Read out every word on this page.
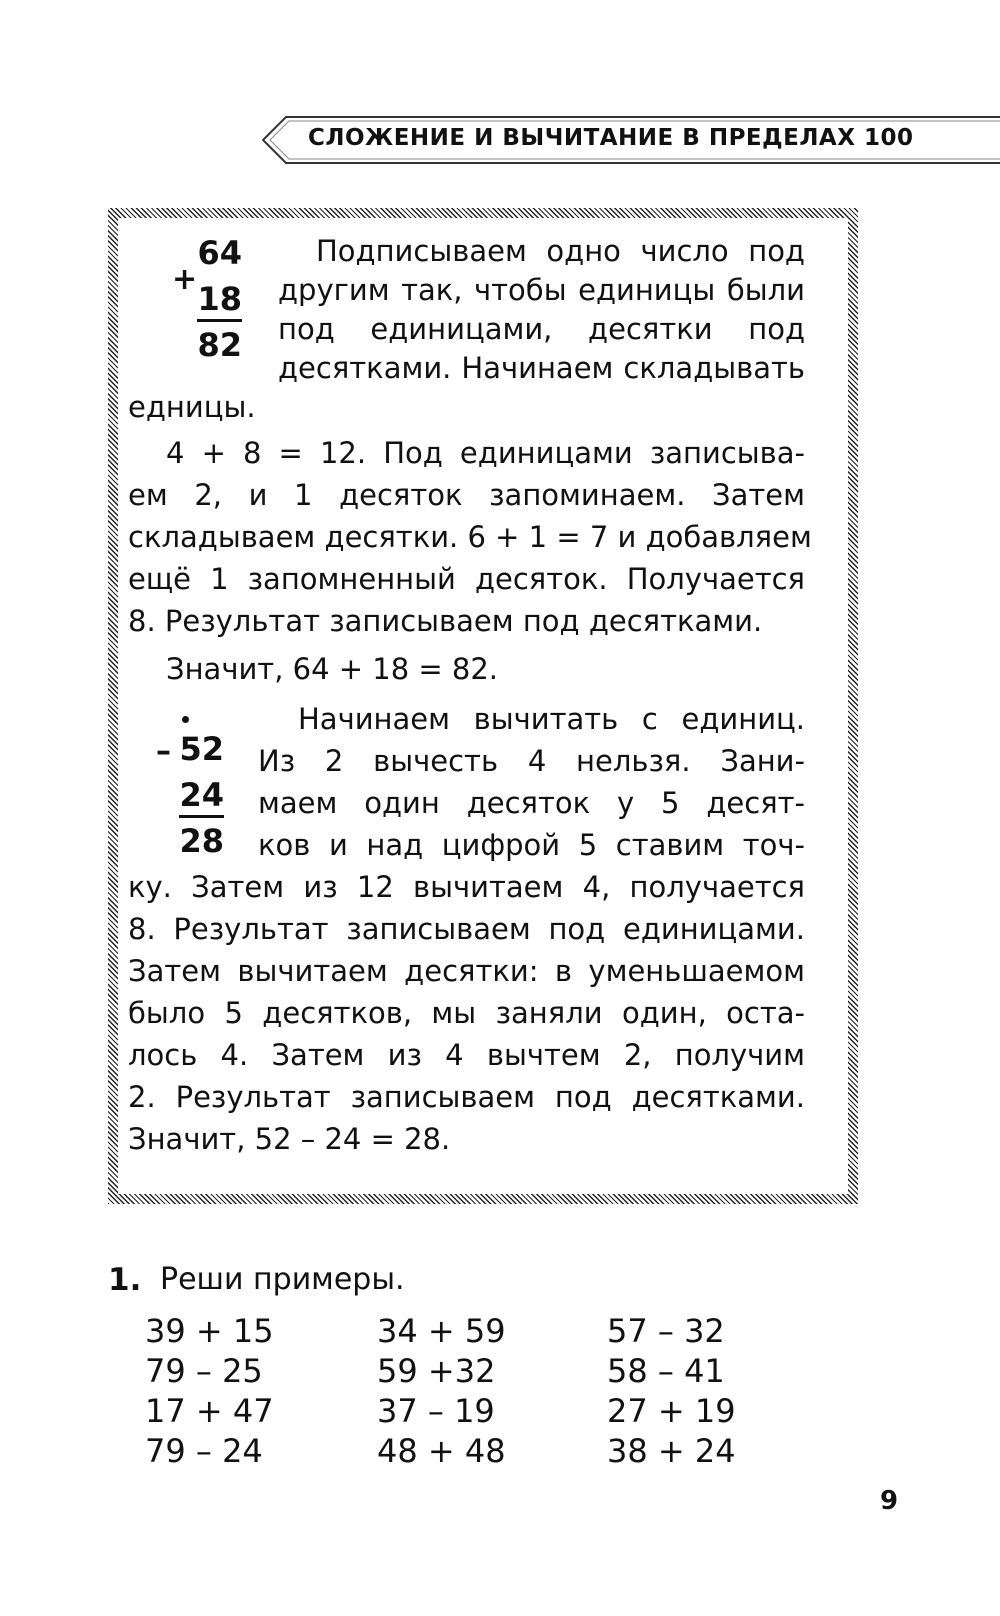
СЛОЖЕНИЕ И ВЫЧИТАНИЕ В ПРЕДЕЛАХ 100
+
64
18
82
Подписываем одно число под
другим так, чтобы единицы были
под единицами, десятки под
десятками. Начинаем складывать
едницы.
4 + 8 = 12. Под единицами записыва-
ем 2, и 1 десяток запоминаем. Затем
складываем десятки. 6 + 1 = 7 и добавляем
ещё 1 запомненный десяток. Получается
8. Результат записываем под десятками.
Значит, 64 + 18 = 82.
– 52
24
28
Начинаем вычитать с единиц.
Из 2 вычесть 4 нельзя. Зани-
маем один десяток у 5 десят-
ков и над цифрой 5 ставим точ-
ку. Затем из 12 вычитаем 4, получается
8. Результат записываем под единицами.
Затем вычитаем десятки: в уменьшаемом
было 5 десятков, мы заняли один, оста-
лось 4. Затем из 4 вычтем 2, получим
2. Результат записываем под десятками.
Значит, 52 – 24 = 28.
1. Реши примеры.
39 + 15
79 – 25
17 + 47
79 – 24
34 + 59
59 +32
37 – 19
48 + 48
57 – 32
58 – 41
27 + 19
38 + 24
9
